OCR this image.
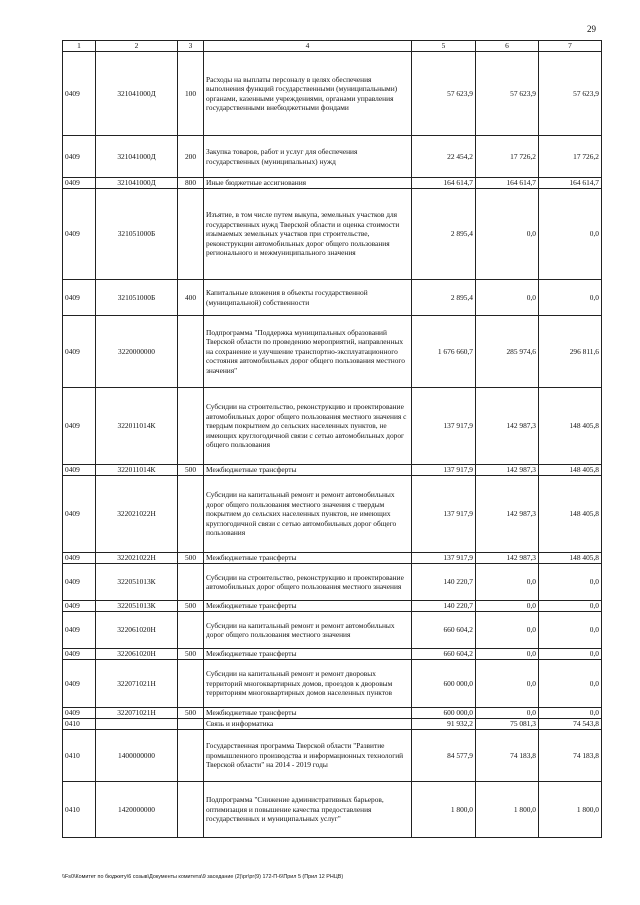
29
1	2	3	4	5	6	7
0409	321041000Д	100	Расходы на выплаты персоналу в целях обеспечения выполнения функций государственными (муниципальными) органами, казенными учреждениями, органами управления государственными внебюджетными фондами	57 623,9	57 623,9	57 623,9
0409	321041000Д	200	Закупка товаров, работ и услуг для обеспечения государственных (муниципальных) нужд	22 454,2	17 726,2	17 726,2
0409	321041000Д	800	Иные бюджетные ассигнования	164 614,7	164 614,7	164 614,7
0409	321051000Б		Изъятие, в том числе путем выкупа, земельных участков для государственных нужд Тверской области и оценка стоимости изымаемых земельных участков при строительстве, реконструкции автомобильных дорог общего пользования регионального и межмуниципального значения	2 895,4	0,0	0,0
0409	321051000Б	400	Капитальные вложения в объекты государственной (муниципальной) собственности	2 895,4	0,0	0,0
0409	3220000000		Подпрограмма "Поддержка муниципальных образований Тверской области по проведению мероприятий, направленных на сохранение и улучшение транспортно-эксплуатационного состояния автомобильных дорог общего пользования местного значения"	1 676 660,7	285 974,6	296 811,6
0409	322011014К		Субсидии на строительство, реконструкцию и проектирование автомобильных дорог общего пользования местного значения с твердым покрытием до сельских населенных пунктов, не имеющих круглогодичной связи с сетью автомобильных дорог общего пользования	137 917,9	142 987,3	148 405,8
0409	322011014К	500	Межбюджетные трансферты	137 917,9	142 987,3	148 405,8
0409	322021022Н		Субсидии на капитальный ремонт и ремонт автомобильных дорог общего пользования местного значения с твердым покрытием до сельских населенных пунктов, не имеющих круглогодичной связи с сетью автомобильных дорог общего пользования	137 917,9	142 987,3	148 405,8
0409	322021022Н	500	Межбюджетные трансферты	137 917,9	142 987,3	148 405,8
0409	322051013К		Субсидии на строительство, реконструкцию и проектирование автомобильных дорог общего пользования местного значения	140 220,7	0,0	0,0
0409	322051013К	500	Межбюджетные трансферты	140 220,7	0,0	0,0
0409	322061020Н		Субсидии на капитальный ремонт и ремонт автомобильных дорог общего пользования местного значения	660 604,2	0,0	0,0
0409	322061020Н	500	Межбюджетные трансферты	660 604,2	0,0	0,0
0409	322071021Н		Субсидии на капитальный ремонт и ремонт дворовых территорий многоквартирных домов, проездов к дворовым территориям многоквартирных домов населенных пунктов	600 000,0	0,0	0,0
0409	322071021Н	500	Межбюджетные трансферты	600 000,0	0,0	0,0
0410			Связь и информатика	91 932,2	75 081,3	74 543,8
0410	1400000000		Государственная программа Тверской области "Развитие промышленного производства и информационных технологий Тверской области" на 2014 - 2019 годы	84 577,9	74 183,8	74 183,8
0410	1420000000		Подпрограмма "Снижение административных барьеров, оптимизация и повышение качества предоставления государственных и муниципальных услуг"	1 800,0	1 800,0	1 800,0
\\Fs0\Комитет по бюджету\6 созыв\Документы комитета\9 заседание (2)\рг\рг(9) 172-П-6\Прил 5 (Прил 12 РНЦВ)
